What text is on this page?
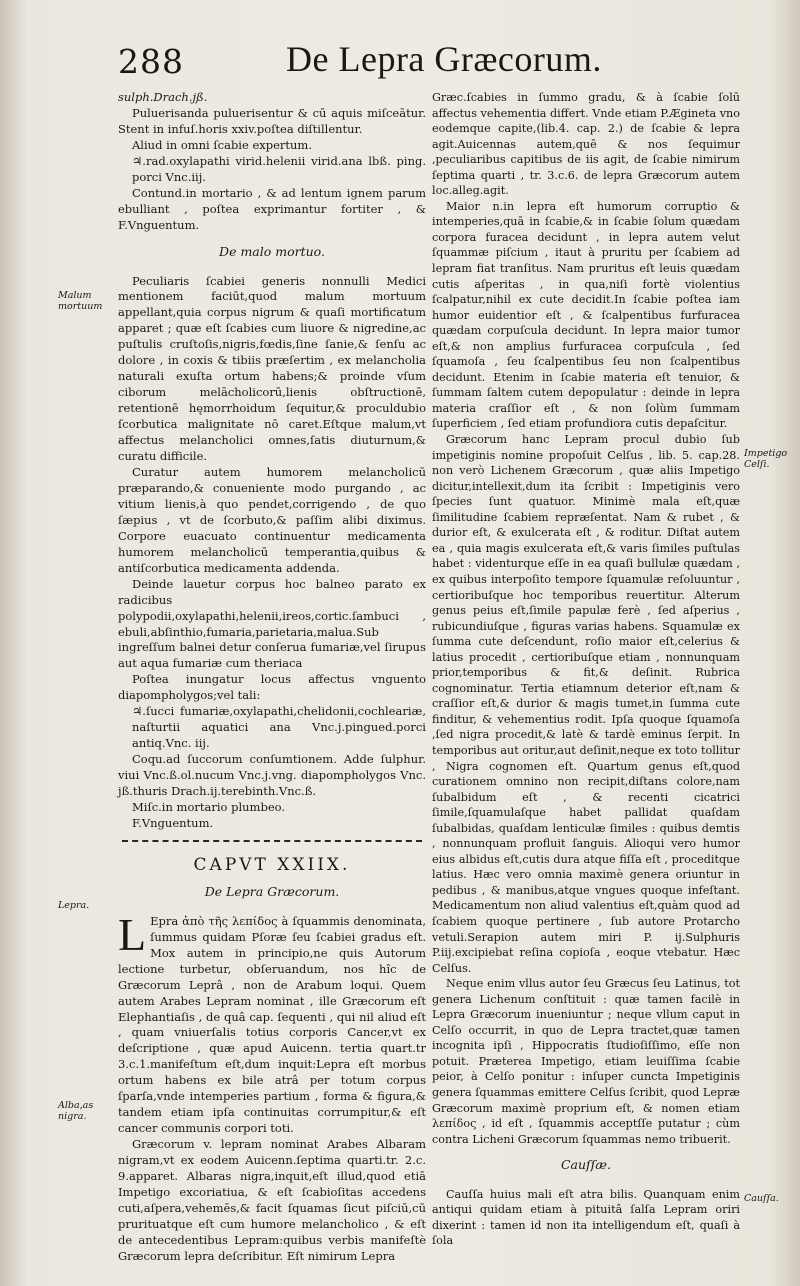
288	De Lepra Græcorum.
Malum mortuum
Lepra.
Alba,as nigra.
Impetigo Celſi.
Cauſſa.

sulph.Drach.jß.

Puluerisanda puluerisentur & cū aquis miſceātur. Stent in infuſ.horis xxiv.poſtea diſtillentur.

Aliud in omni ſcabie expertum.

♃.rad.oxylapathi virid.helenii virid.ana lbß. ping. porci Vnc.iij.

Contund.in mortario , & ad lentum ignem parum ebulliant , poſtea exprimantur fortiter , & F.Vnguentum.

De malo mortuo.

Peculiaris ſcabiei generis nonnulli Medici mentionem faciūt,quod malum mortuum appellant,quia corpus nigrum & quaſi mortificatum apparet ; quæ eſt ſcabies cum liuore & nigredine,ac puſtulis cruſtoſis,nigris,fœdis,ſine ſanie,& ſenſu ac dolore , in coxis & tibiis præſertim , ex melancholia naturali exuſta ortum habens;& proinde vſum ciborum melācholicorū,lienis obſtructionē, retentionē hęmorrhoidum ſequitur,& proculdubio ſcorbutica malignitate nō caret.Eſtque malum,vt affectus melancholici omnes,ſatis diuturnum,& curatu difficile.

Curatur autem humorem melancholicū præparando,& conueniente modo purgando , ac vitium lienis,à quo pendet,corrigendo , de quo ſæpius , vt de ſcorbuto,& paſſim alibi diximus. Corpore euacuato continuentur medicamenta humorem melancholicū temperantia,quibus & antiſcorbutica medicamenta addenda.

Deinde lauetur corpus hoc balneo parato ex radicibus polypodii,oxylapathi,helenii,ireos,cortic.ſambuci , ebuli,abſinthio,fumaria,parietaria,malua.Sub ingreſſum balnei detur conſerua fumariæ,vel ſirupus aut aqua fumariæ cum theriaca

Poſtea inungatur locus affectus vnguento diapompholygos;vel tali:

♃.ſucci fumariæ,oxylapathi,chelidonii,cochleariæ, naſturtii aquatici ana Vnc.j.pingued.porci antiq.Vnc. iij.

Coqu.ad ſuccorum conſumtionem. Adde ſulphur. viui Vnc.ß.ol.nucum Vnc.j.vng. diapompholygos Vnc. jß.thuris Drach.ij.terebinth.Vnc.ß.

Miſc.in mortario plumbeo.

F.Vnguentum.

CAPVT XXIIX.

De Lepra Græcorum.

L Epra ἀπὸ τῆς λεπίδος à ſquammis denominata, ſummus quidam Pſoræ ſeu ſcabiei gradus eſt. Mox autem in principio,ne quis Autorum lectione turbetur, obſeruandum, nos hîc de Græcorum Leprâ , non de Arabum loqui. Quem autem Arabes Lepram nominat , ille Græcorum eſt Elephantiaſis , de quâ cap. ſequenti , qui nil aliud eſt , quam vniuerſalis totius corporis Cancer,vt ex deſcriptione , quæ apud Auicenn. tertia quart.tr 3.c.1.manifeſtum eſt,dum inquit:Lepra eſt morbus ortum habens ex bile atrâ per totum corpus ſparſa,vnde intemperies partium , forma & figura,& tandem etiam ipſa continuitas corrumpitur,& eſt cancer communis corpori toti.

Græcorum v. lepram nominat Arabes Albaram nigram,vt ex eodem Auicenn.ſeptima quarti.tr. 2.c. 9.apparet. Albaras nigra,inquit,eſt illud,quod etiā Impetigo excoriatiua, & eſt ſcabioſitas accedens cuti,aſpera,vehemēs,& facit ſquamas ſicut piſciū,cū prurituatque eſt cum humore melancholico , & eſt de antecedentibus Lepram:quibus verbis manifeſtè Græcorum lepra deſcribitur. Eſt nimirum Lepra

Græc.ſcabies in ſummo gradu, & à ſcabie ſolū affectus vehementia differt. Vnde etiam P.Ægineta vno eodemque capite,(lib.4. cap. 2.) de ſcabie & lepra agit.Auicennas autem,quē & nos ſequimur ,peculiaribus capitibus de iis agit, de ſcabie nimirum ſeptima quarti , tr. 3.c.6. de lepra Græcorum autem loc.alleg.agit.

Maior n.in lepra eſt humorum corruptio & intemperies,quā in ſcabie,& in ſcabie ſolum quædam corpora furacea decidunt , in lepra autem velut ſquammæ piſcium , itaut à pruritu per ſcabiem ad lepram fiat tranſitus. Nam pruritus eſt leuis quædam cutis aſperitas , in qua,niſi fortè violentius ſcalpatur,nihil ex cute decidit.In ſcabie poſtea iam humor euidentior eſt , & ſcalpentibus furfuracea quædam corpuſcula decidunt. In lepra maior tumor eſt,& non amplius furfuracea corpuſcula , ſed ſquamoſa , ſeu ſcalpentibus ſeu non ſcalpentibus decidunt. Etenim in ſcabie materia eſt tenuior, & ſummam ſaltem cutem depopulatur : deinde in lepra materia craſſior eſt , & non ſolùm ſummam ſuperficiem , ſed etiam profundiora cutis depaſcitur.

Græcorum hanc Lepram procul dubio ſub impetiginis nomine propoſuit Celſus , lib. 5. cap.28. non verò Lichenem Græcorum , quæ aliis Impetigo dicitur,intellexit,dum ita ſcribit : Impetiginis vero ſpecies ſunt quatuor. Minimè mala eſt,quæ ſimilitudine ſcabiem repræſentat. Nam & rubet , & durior eſt, & exulcerata eſt , & roditur. Diſtat autem ea , quia magis exulcerata eſt,& varis ſimiles puſtulas habet : videnturque eſſe in ea quaſi bullulæ quædam , ex quibus interpoſito tempore ſquamulæ reſoluuntur , certioribuſque hoc temporibus reuertitur. Alterum genus peius eſt,ſimile papulæ ferè , ſed aſperius , rubicundiuſque , figuras varias habens. Squamulæ ex ſumma cute deſcendunt, roſio maior eſt,celerius & latius procedit , certioribuſque etiam , nonnunquam prior,temporibus & fit,& deſinit. Rubrica cognominatur. Tertia etiamnum deterior eſt,nam & craſſior eſt,& durior & magis tumet,in ſumma cute finditur, & vehementius rodit. Ipſa quoque ſquamoſa ,ſed nigra procedit,& latè & tardè eminus ſerpit. In temporibus aut oritur,aut deſinit,neque ex toto tollitur , Nigra cognomen eſt. Quartum genus eſt,quod curationem omnino non recipit,diſtans colore,nam ſubalbidum eſt , & recenti cicatrici ſimile,ſquamulaſque habet pallidat quaſdam ſubalbidas, quaſdam lenticulæ ſimiles : quibus demtis , nonnunquam profluit ſanguis. Alioqui vero humor eius albidus eſt,cutis dura atque fiſſa eſt , proceditque latius. Hæc vero omnia maximè genera oriuntur in pedibus , & manibus,atque vngues quoque infeſtant. Medicamentum non aliud valentius eſt,quàm quod ad ſcabiem quoque pertinere , ſub autore Protarcho vetuli.Serapion autem miri P. ij.Sulphuris P.iij.excipiebat reſina copioſa , eoque vtebatur. Hæc Celſus.

Neque enim vllus autor ſeu Græcus ſeu Latinus, tot genera Lichenum conſtituit : quæ tamen facilè in Lepra Græcorum inueniuntur ; neque vllum caput in Celſo occurrit, in quo de Lepra tractet,quæ tamen incognita ipſi , Hippocratis ſtudioſiſſimo, eſſe non potuit. Præterea Impetigo, etiam leuiſſima ſcabie peior, à Celſo ponitur : inſuper cuncta Impetiginis genera ſquammas emittere Celſus ſcribit, quod Lepræ Græcorum maximè proprium eſt, & nomen etiam λεπίδος , id eſt , ſquammis acceptſſe putatur ; cùm contra Licheni Græcorum ſquammas nemo tribuerit.

Cauſſæ.

Cauſſa huius mali eſt atra bilis. Quanquam enim antiqui quidam etiam à pituitâ ſalſa Lepram oriri dixerint : tamen id non ita intelligendum eſt, quaſi à ſola
